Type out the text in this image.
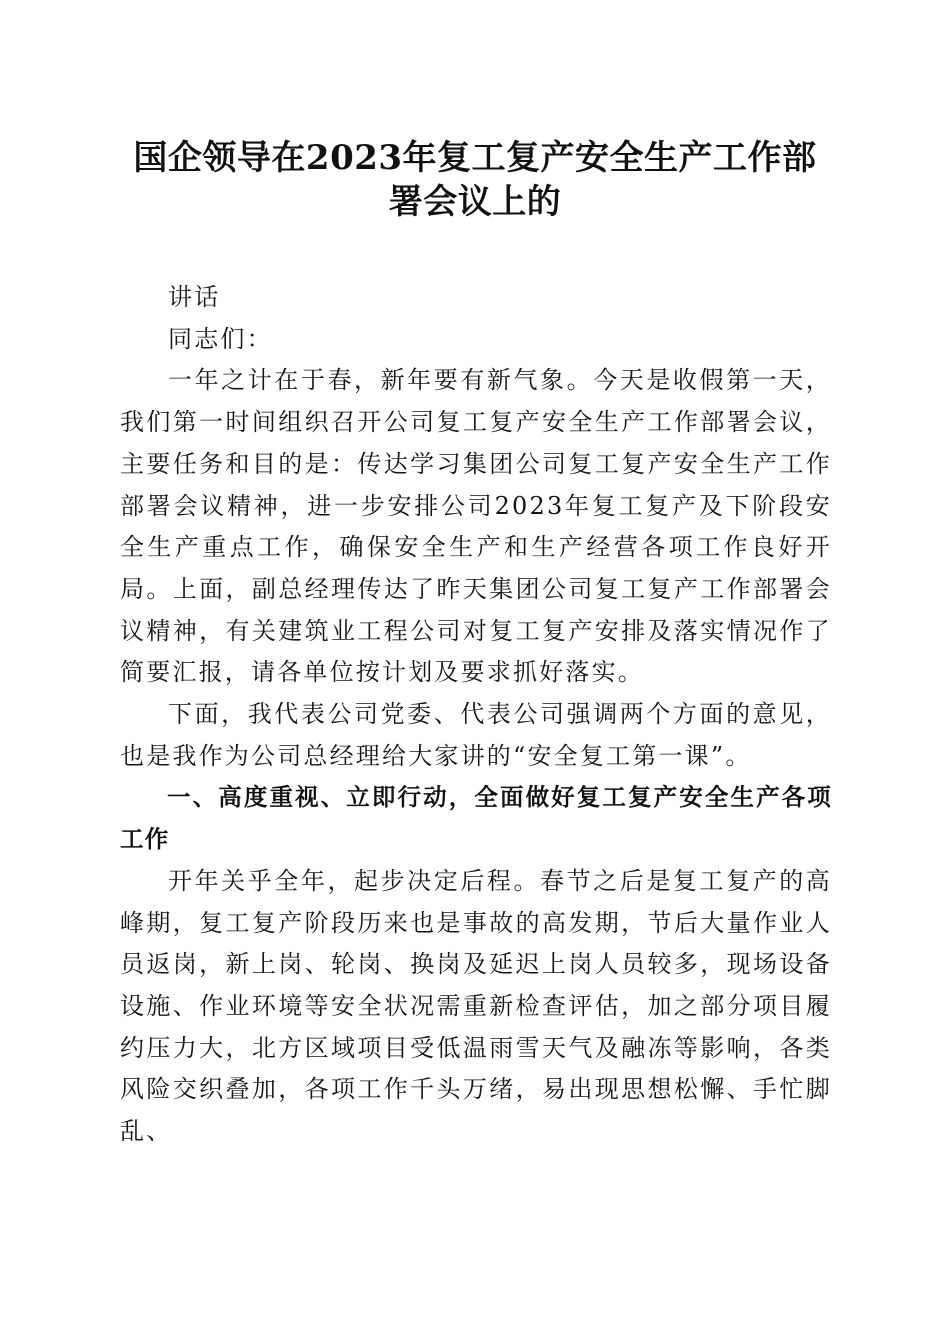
国企领导在2023年复工复产安全生产工作部
署会议上的

讲话

同志们：

一年之计在于春，新年要有新气象。今天是收假第一天，我们第一时间组织召开公司复工复产安全生产工作部署会议，主要任务和目的是：传达学习集团公司复工复产安全生产工作部署会议精神，进一步安排公司2023年复工复产及下阶段安全生产重点工作，确保安全生产和生产经营各项工作良好开局。上面，副总经理传达了昨天集团公司复工复产工作部署会议精神，有关建筑业工程公司对复工复产安排及落实情况作了简要汇报，请各单位按计划及要求抓好落实。

下面，我代表公司党委、代表公司强调两个方面的意见，也是我作为公司总经理给大家讲的“安全复工第一课”。

一、高度重视、立即行动，全面做好复工复产安全生产各项工作

开年关乎全年，起步决定后程。春节之后是复工复产的高峰期，复工复产阶段历来也是事故的高发期，节后大量作业人员返岗，新上岗、轮岗、换岗及延迟上岗人员较多，现场设备设施、作业环境等安全状况需重新检查评估，加之部分项目履约压力大，北方区域项目受低温雨雪天气及融冻等影响，各类风险交织叠加，各项工作千头万绪，易出现思想松懈、手忙脚乱、
